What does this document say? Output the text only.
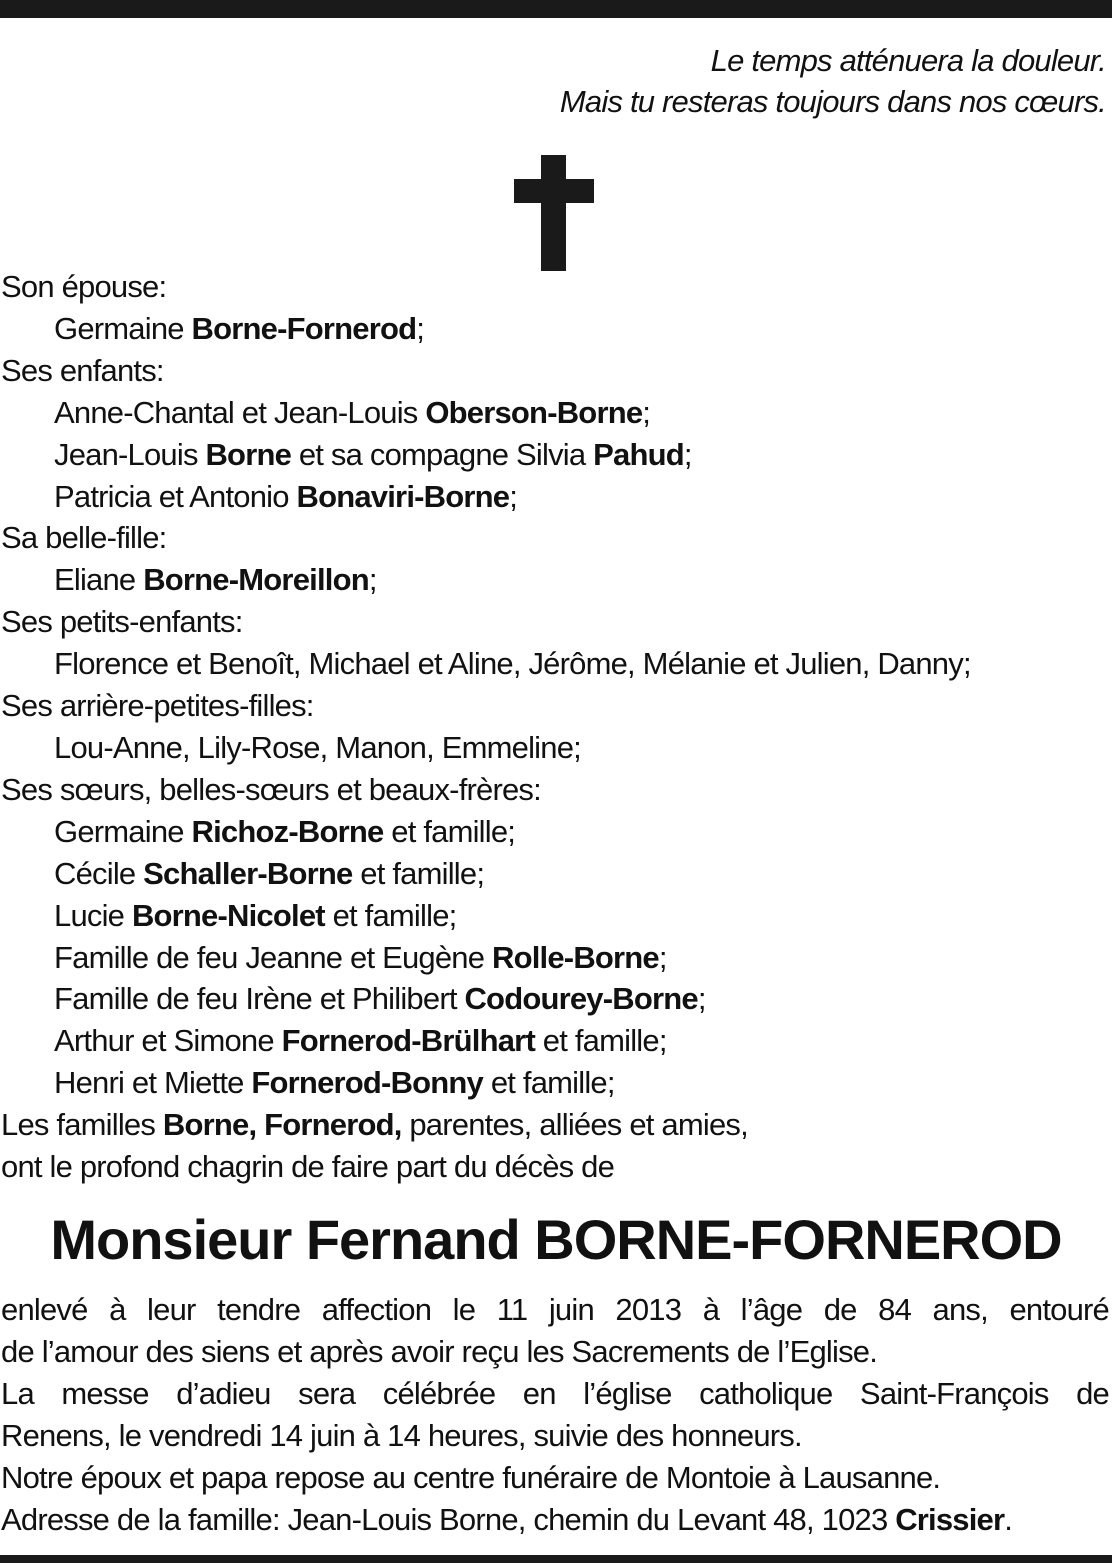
Le temps atténuera la douleur.
Mais tu resteras toujours dans nos cœurs.
Son épouse:
Germaine Borne-Fornerod;
Ses enfants:
Anne-Chantal et Jean-Louis Oberson-Borne;
Jean-Louis Borne et sa compagne Silvia Pahud;
Patricia et Antonio Bonaviri-Borne;
Sa belle-fille:
Eliane Borne-Moreillon;
Ses petits-enfants:
Florence et Benoît, Michael et Aline, Jérôme, Mélanie et Julien, Danny;
Ses arrière-petites-filles:
Lou-Anne, Lily-Rose, Manon, Emmeline;
Ses sœurs, belles-sœurs et beaux-frères:
Germaine Richoz-Borne et famille;
Cécile Schaller-Borne et famille;
Lucie Borne-Nicolet et famille;
Famille de feu Jeanne et Eugène Rolle-Borne;
Famille de feu Irène et Philibert Codourey-Borne;
Arthur et Simone Fornerod-Brülhart et famille;
Henri et Miette Fornerod-Bonny et famille;
Les familles Borne, Fornerod, parentes, alliées et amies,
ont le profond chagrin de faire part du décès de
Monsieur Fernand BORNE-FORNEROD
enlevé à leur tendre affection le 11 juin 2013 à l’âge de 84 ans, entouré
de l’amour des siens et après avoir reçu les Sacrements de l’Eglise.
La messe d’adieu sera célébrée en l’église catholique Saint-François de
Renens, le vendredi 14 juin à 14 heures, suivie des honneurs.
Notre époux et papa repose au centre funéraire de Montoie à Lausanne.
Adresse de la famille: Jean-Louis Borne, chemin du Levant 48, 1023 Crissier.
